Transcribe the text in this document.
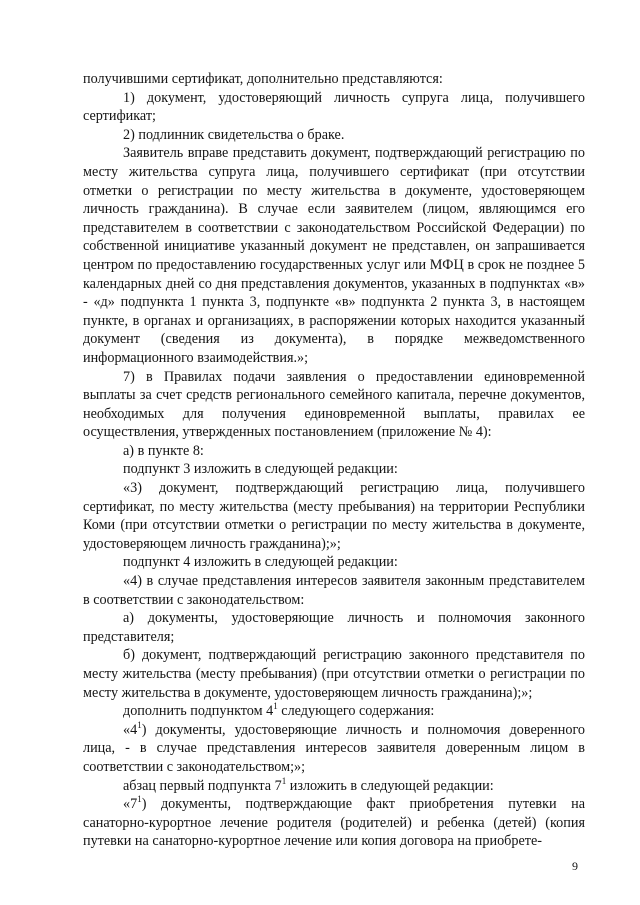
получившими сертификат, дополнительно представляются:

1) документ, удостоверяющий личность супруга лица, получившего сертификат;

2) подлинник свидетельства о браке.

Заявитель вправе представить документ, подтверждающий регистрацию по месту жительства супруга лица, получившего сертификат (при отсутствии отметки о регистрации по месту жительства в документе, удостоверяющем личность гражданина). В случае если заявителем (лицом, являющимся его представителем в соответствии с законодательством Российской Федерации) по собственной инициативе указанный документ не представлен, он запрашивается центром по предоставлению государственных услуг или МФЦ в срок не позднее 5 календарных дней со дня представления документов, указанных в подпунктах «в» - «д» подпункта 1 пункта 3, подпункте «в» подпункта 2 пункта 3, в настоящем пункте, в органах и организациях, в распоряжении которых находится указанный документ (сведения из документа), в порядке межведомственного информационного взаимодействия.»;

7) в Правилах подачи заявления о предоставлении единовременной выплаты за счет средств регионального семейного капитала, перечне документов, необходимых для получения единовременной выплаты, правилах ее осуществления, утвержденных постановлением (приложение № 4):

а) в пункте 8:

подпункт 3 изложить в следующей редакции:

«3) документ, подтверждающий регистрацию лица, получившего сертификат, по месту жительства (месту пребывания) на территории Республики Коми (при отсутствии отметки о регистрации по месту жительства в документе, удостоверяющем личность гражданина);»;

подпункт 4 изложить в следующей редакции:

«4) в случае представления интересов заявителя законным представителем в соответствии с законодательством:

а) документы, удостоверяющие личность и полномочия законного представителя;

б) документ, подтверждающий регистрацию законного представителя по месту жительства (месту пребывания) (при отсутствии отметки о регистрации по месту жительства в документе, удостоверяющем личность гражданина);»;

дополнить подпунктом $4^1$ следующего содержания:

«$4^1$) документы, удостоверяющие личность и полномочия доверенного лица, - в случае представления интересов заявителя доверенным лицом в соответствии с законодательством;»;

абзац первый подпункта $7^1$ изложить в следующей редакции:

«$7^1$) документы, подтверждающие факт приобретения путевки на санаторно-курортное лечение родителя (родителей) и ребенка (детей) (копия путевки на санаторно-курортное лечение или копия договора на приобрете-

9
